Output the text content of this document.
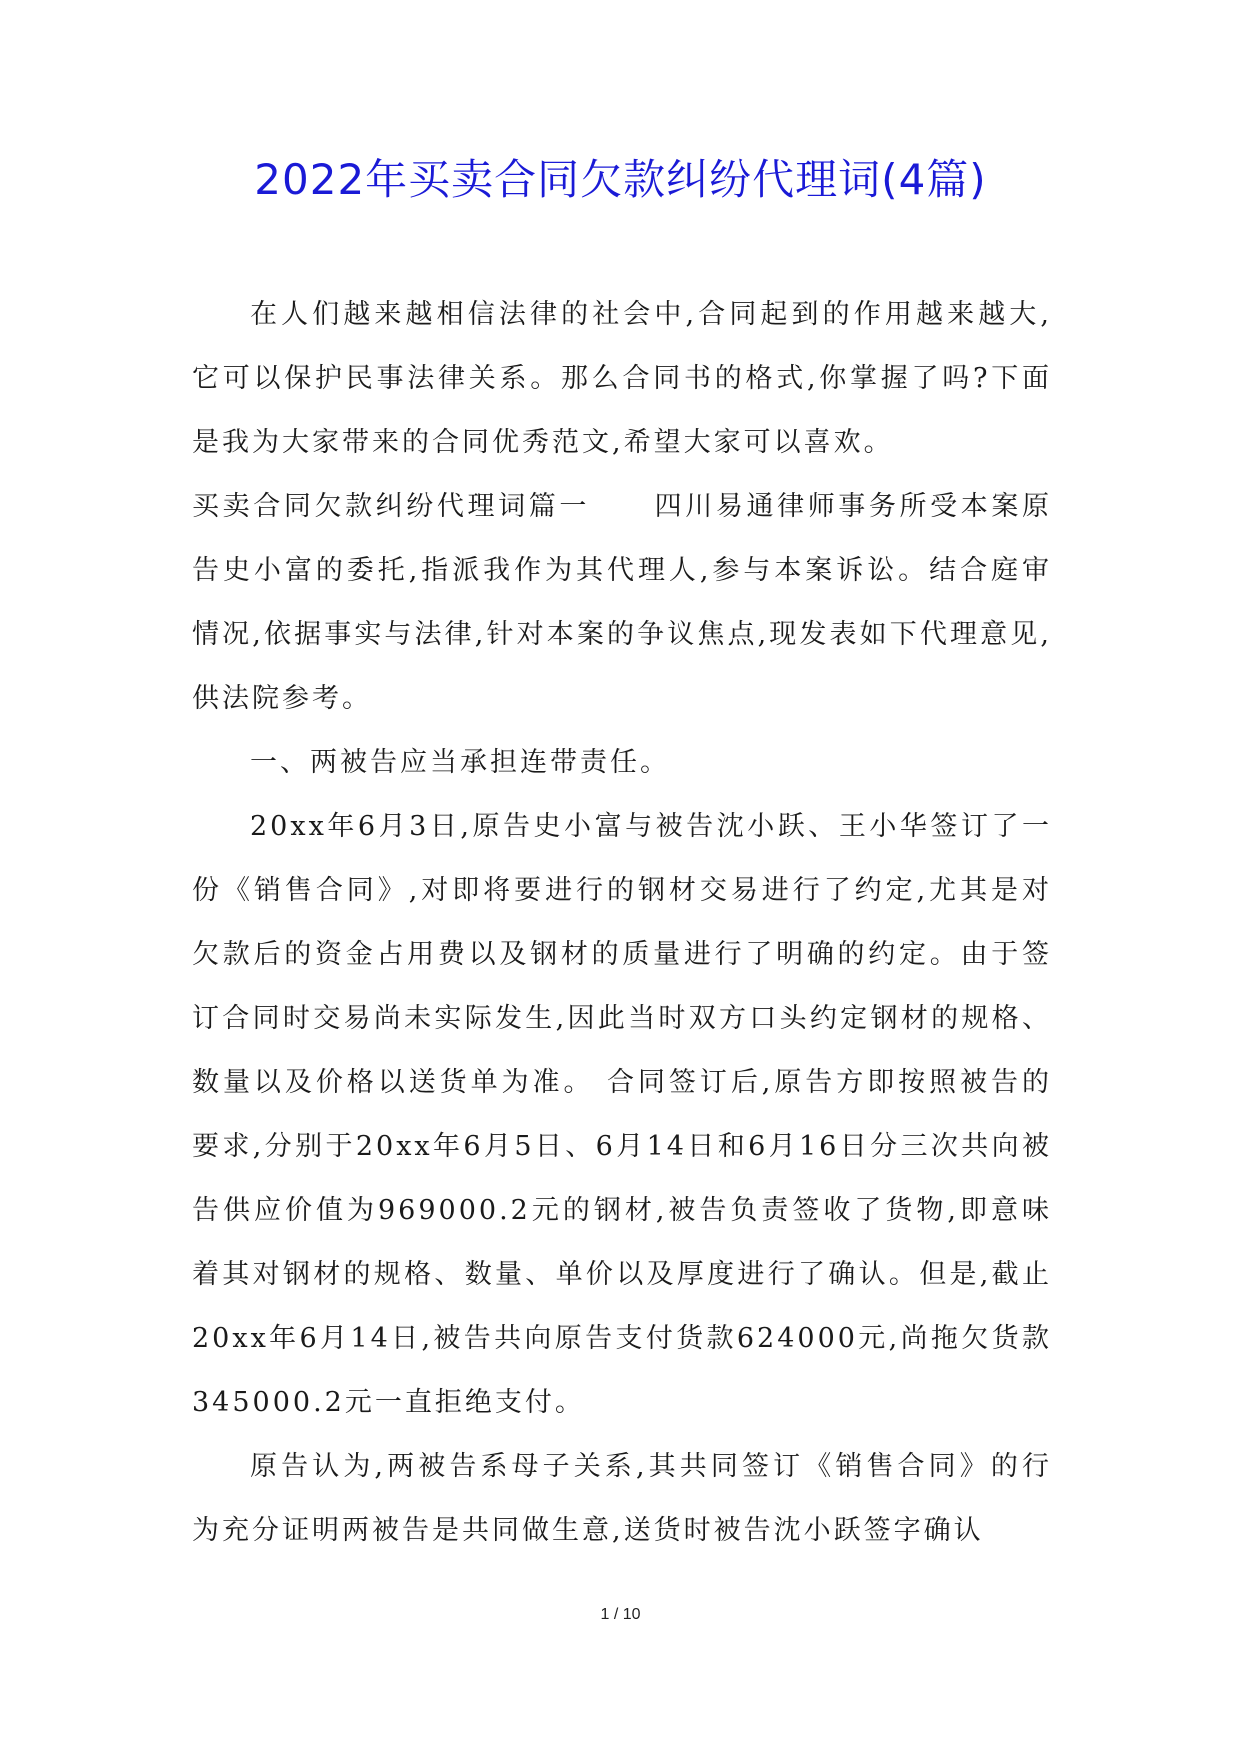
2022年买卖合同欠款纠纷代理词(4篇)

在人们越来越相信法律的社会中,合同起到的作用越来越大,它可以保护民事法律关系。那么合同书的格式,你掌握了吗?下面是我为大家带来的合同优秀范文,希望大家可以喜欢。

买卖合同欠款纠纷代理词篇一 四川易通律师事务所受本案原告史小富的委托,指派我作为其代理人,参与本案诉讼。结合庭审情况,依据事实与法律,针对本案的争议焦点,现发表如下代理意见,供法院参考。

一、两被告应当承担连带责任。

20xx年6月3日,原告史小富与被告沈小跃、王小华签订了一份《销售合同》,对即将要进行的钢材交易进行了约定,尤其是对欠款后的资金占用费以及钢材的质量进行了明确的约定。由于签订合同时交易尚未实际发生,因此当时双方口头约定钢材的规格、数量以及价格以送货单为准。 合同签订后,原告方即按照被告的要求,分别于20xx年6月5日、6月14日和6月16日分三次共向被告供应价值为969000.2元的钢材,被告负责签收了货物,即意味着其对钢材的规格、数量、单价以及厚度进行了确认。但是,截止20xx年6月14日,被告共向原告支付货款624000元,尚拖欠货款345000.2元一直拒绝支付。

原告认为,两被告系母子关系,其共同签订《销售合同》的行为充分证明两被告是共同做生意,送货时被告沈小跃签字确认

1 / 10
